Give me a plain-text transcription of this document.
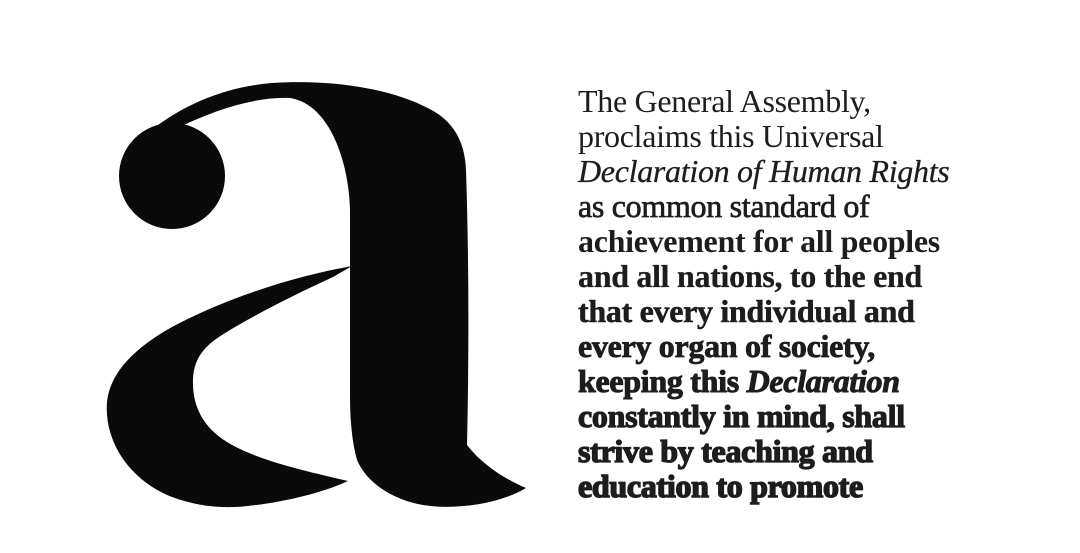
The General Assembly,
proclaims this Universal
Declaration of Human Rights
as common standard of
achievement for all peoples
and all nations, to the end
that every individual and
every organ of society,
keeping this Declaration
constantly in mind, shall
strive by teaching and
education to promote
